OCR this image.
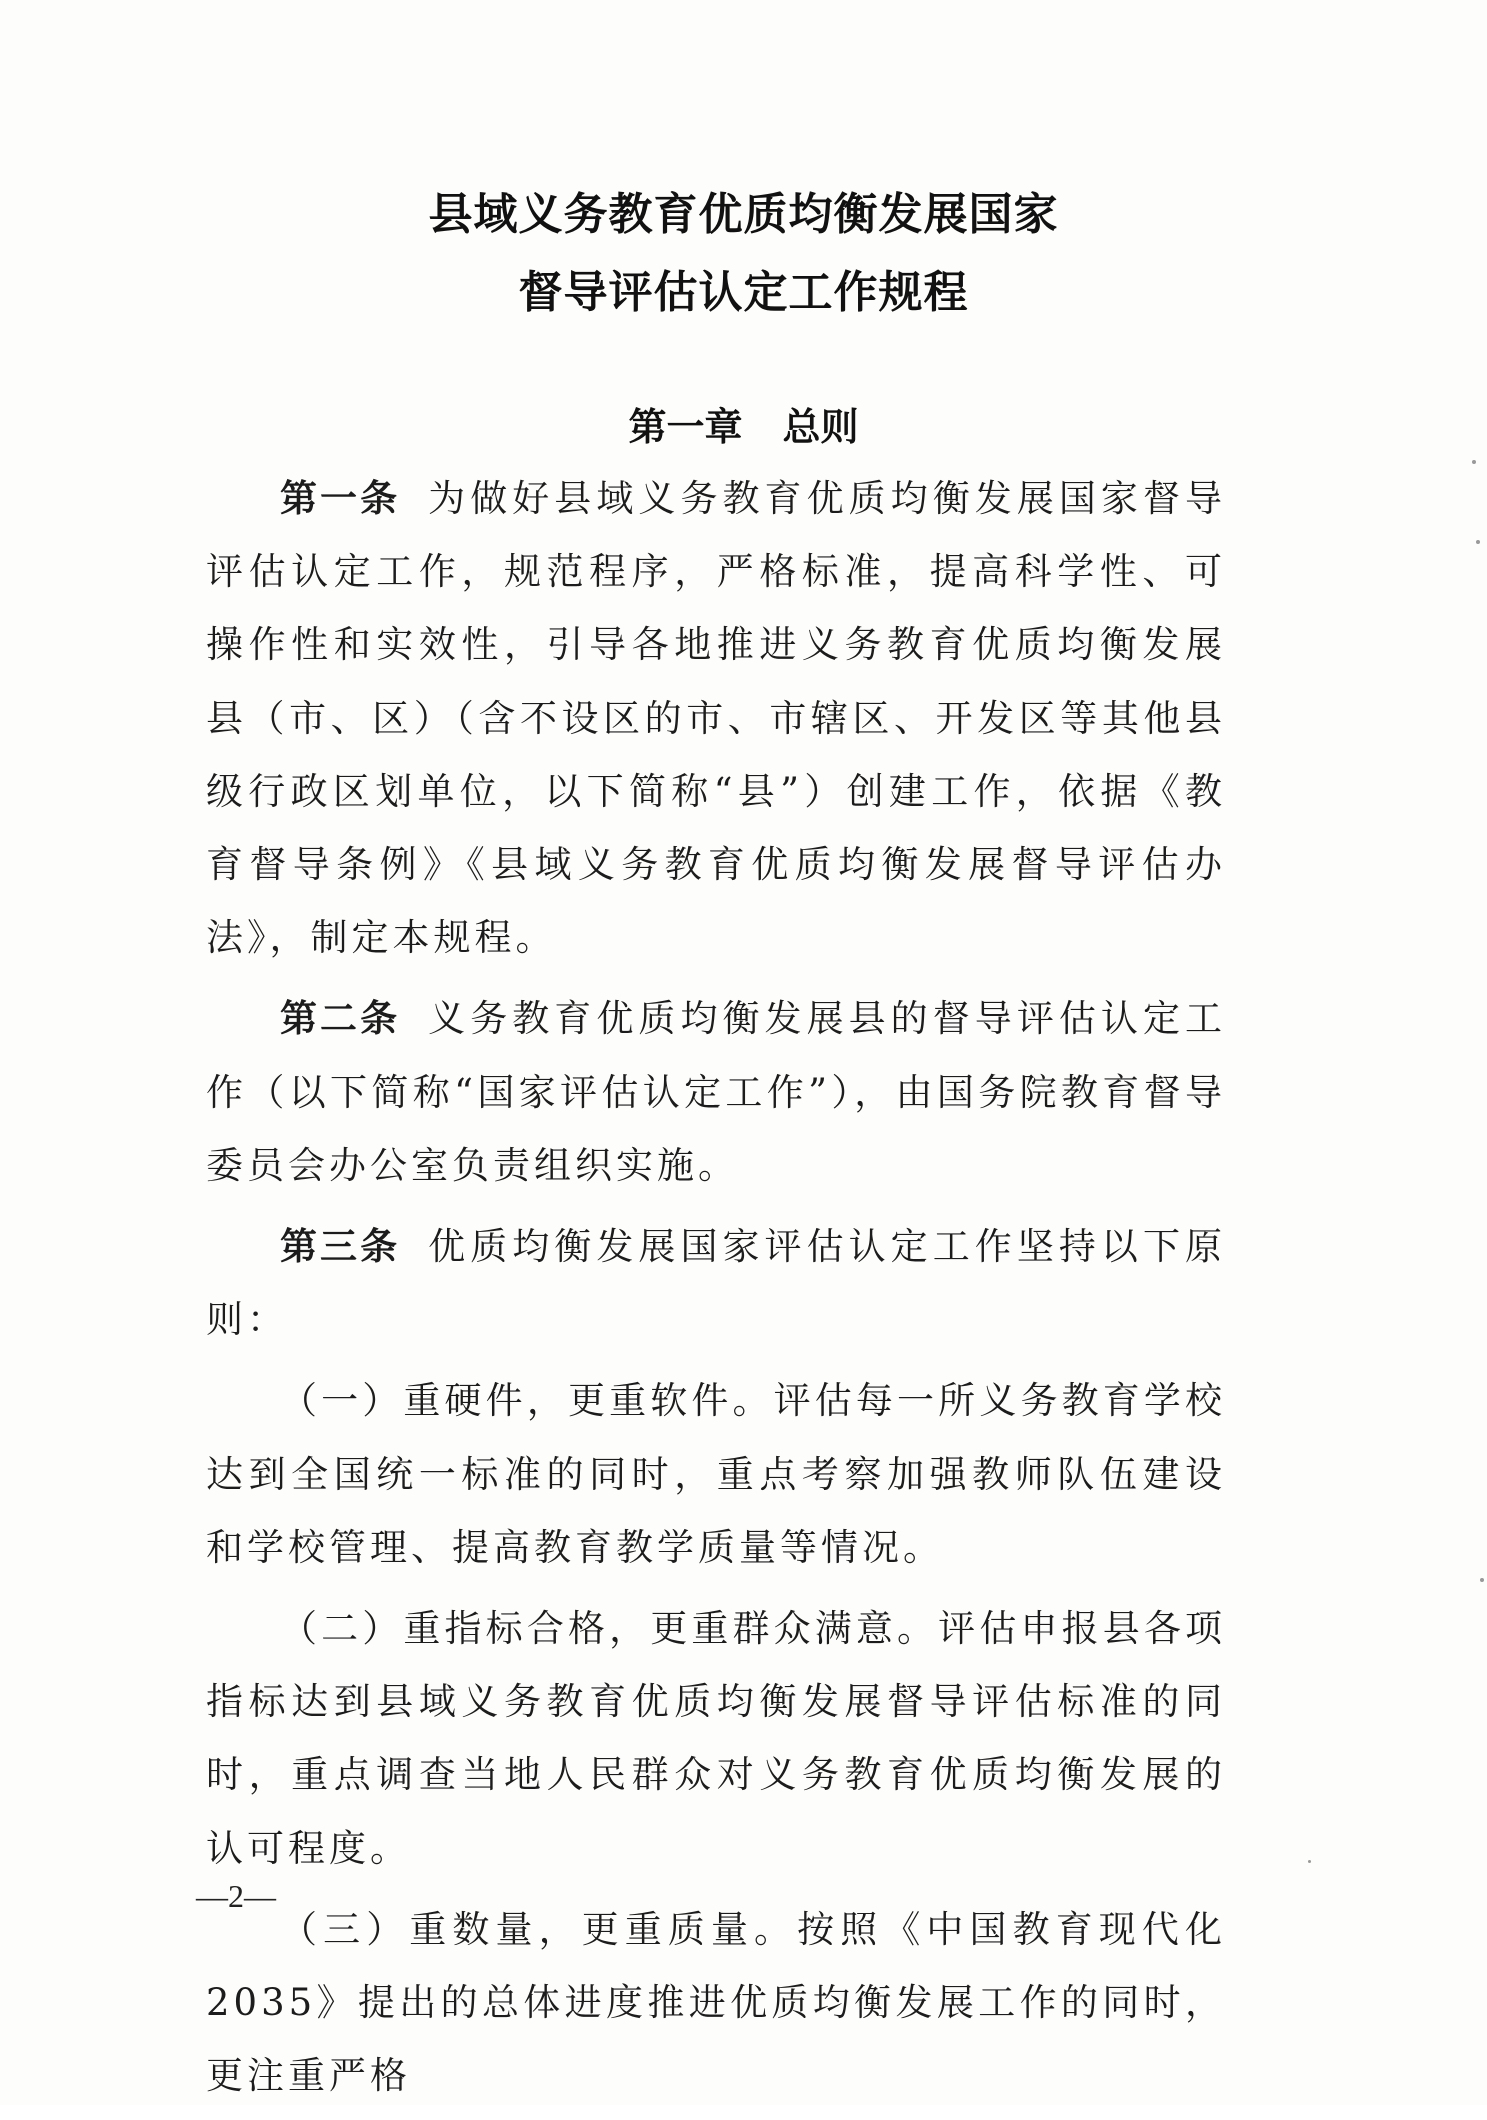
县域义务教育优质均衡发展国家
督导评估认定工作规程
第一章 总则

第一条 为做好县域义务教育优质均衡发展国家督导评估认定工作，规范程序，严格标准，提高科学性、可操作性和实效性，引导各地推进义务教育优质均衡发展县（市、区）（含不设区的市、市辖区、开发区等其他县级行政区划单位，以下简称“县”）创建工作，依据《教育督导条例》《县域义务教育优质均衡发展督导评估办法》，制定本规程。

第二条 义务教育优质均衡发展县的督导评估认定工作（以下简称“国家评估认定工作”），由国务院教育督导委员会办公室负责组织实施。

第三条 优质均衡发展国家评估认定工作坚持以下原则：

（一）重硬件，更重软件。评估每一所义务教育学校达到全国统一标准的同时，重点考察加强教师队伍建设和学校管理、提高教育教学质量等情况。

（二）重指标合格，更重群众满意。评估申报县各项指标达到县域义务教育优质均衡发展督导评估标准的同时，重点调查当地人民群众对义务教育优质均衡发展的认可程度。

（三）重数量，更重质量。按照《中国教育现代化2035》提出的总体进度推进优质均衡发展工作的同时，更注重严格

—2—
